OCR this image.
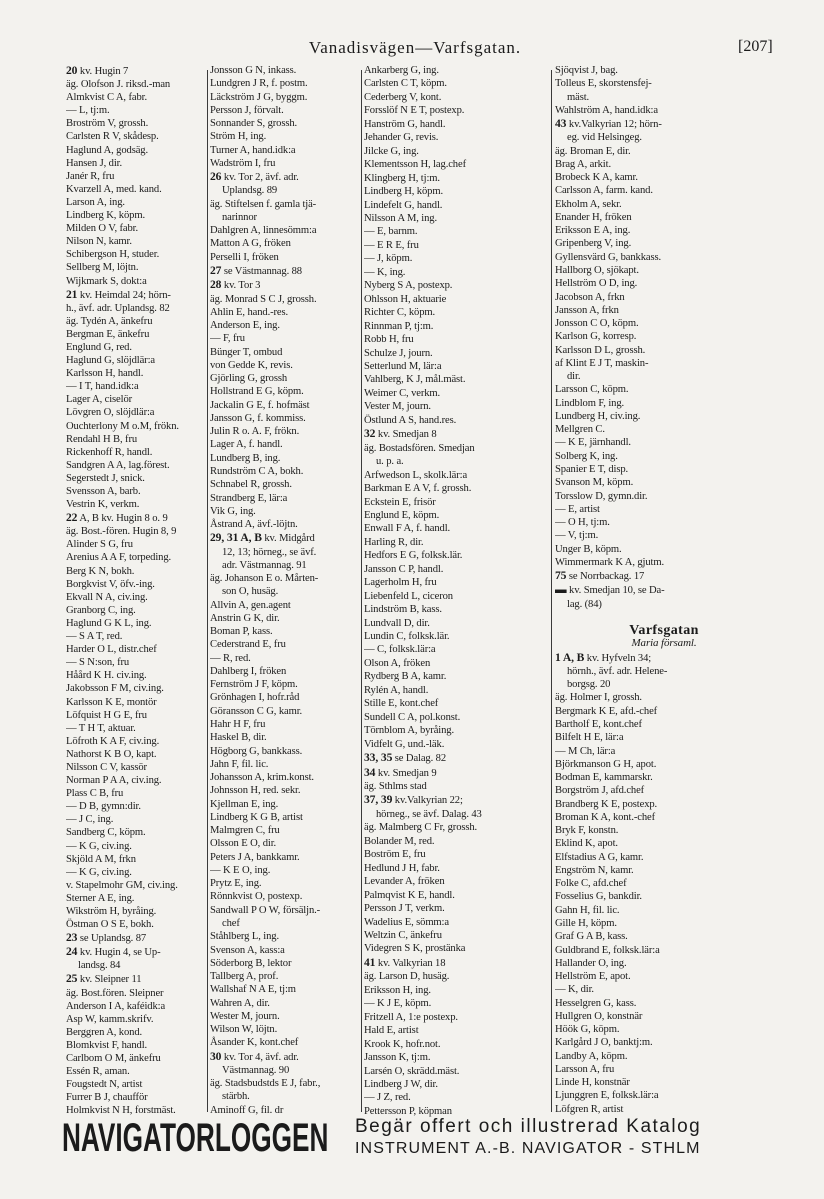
Vanadisvägen—Varfsgatan.	[207]
20 kv. Hugin 7
äg. Olofson J. riksd.-man
Almkvist C A, fabr.
— L, tj:m.
Broström V, grossh.
Carlsten R V, skådesp.
Haglund A, godsäg.
Hansen J, dir.
Janér R, fru
Kvarzell A, med. kand.
Larson A, ing.
Lindberg K, köpm.
Milden O V, fabr.
Nilson N, kamr.
Schibergson H, studer.
Sellberg M, löjtn.
Wijkmark S, dokt:a
21 kv. Heimdal 24; hörn-
h., ävf. adr. Uplandsg. 82
äg. Tydén A, änkefru
Bergman E, änkefru
Englund G, red.
Haglund G, slöjdlär:a
Karlsson H, handl.
— I T, hand.idk:a
Lager A, ciselör
Lövgren O, slöjdlär:a
Ouchterlony M o.M, frökn.
Rendahl H B, fru
Rickenhoff R, handl.
Sandgren A A, lag.förest.
Segerstedt J, snick.
Svensson A, barb.
Vestrin K, verkm.
22 A, B kv. Hugin 8 o. 9
äg. Bost.-fören. Hugin 8, 9
Alinder S G, fru
Arenius A A F, torpeding.
Berg K N, bokh.
Borgkvist V, öfv.-ing.
Ekvall N A, civ.ing.
Granborg C, ing.
Haglund G K L, ing.
— S A T, red.
Harder O L, distr.chef
— S N:son, fru
Håård K H. civ.ing.
Jakobsson F M, civ.ing.
Karlsson K E, montör
Löfquist H G E, fru
— T H T, aktuar.
Löfroth K A F, civ.ing.
Nathorst K B O, kapt.
Nilsson C V, kassör
Norman P A A, civ.ing.
Plass C B, fru
— D B, gymn:dir.
— J C, ing.
Sandberg C, köpm.
— K G, civ.ing.
Skjöld A M, frkn
— K G, civ.ing.
v. Stapelmohr GM, civ.ing.
Sterner A E, ing.
Wikström H, byråing.
Östman O S E, bokh.
23 se Uplandsg. 87
24 kv. Hugin 4, se Up-
landsg. 84
25 kv. Sleipner 11
äg. Bost.fören. Sleipner
Anderson I A, kaféidk:a
Asp W, kamm.skrifv.
Berggren A, kond.
Blomkvist F, handl.
Carlbom O M, änkefru
Essén R, aman.
Fougstedt N, artist
Furrer B J, chaufför
Holmkvist N H, forstmäst.
Jonsson G N, inkass.
Lundgren J R, f. postm.
Läckström J G, byggm.
Persson J, förvalt.
Sonnander S, grossh.
Ström H, ing.
Turner A, hand.idk:a
Wadström I, fru
26 kv. Tor 2, ävf. adr.
Uplandsg. 89
äg. Stiftelsen f. gamla tjä-
narinnor
Dahlgren A, linnesömm:a
Matton A G, fröken
Perselli I, fröken
27 se Västmannag. 88
28 kv. Tor 3
äg. Monrad S C J, grossh.
Ahlin E, hand.-res.
Anderson E, ing.
— F, fru
Bünger T, ombud
von Gedde K, revis.
Gjörling G, grossh
Hollstrand E G, köpm.
Jackalin G E, f. hofmäst
Jansson G, f. kommiss.
Julin R o. A. F, frökn.
Lager A, f. handl.
Lundberg B, ing.
Rundström C A, bokh.
Schnabel R, grossh.
Strandberg E, lär:a
Vik G, ing.
Åstrand A, ävf.-löjtn.
29, 31 A, B kv. Midgård
12, 13; hörneg., se ävf.
adr. Västmannag. 91
äg. Johanson E o. Mårten-
son O, husäg.
Allvin A, gen.agent
Anstrin G K, dir.
Boman P, kass.
Cederstrand E, fru
— R, red.
Dahlberg I, fröken
Fernström J F, köpm.
Grönhagen I, hofr.råd
Göransson C G, kamr.
Hahr H F, fru
Haskel B, dir.
Högborg G, bankkass.
Jahn F, fil. lic.
Johansson A, krim.konst.
Johnsson H, red. sekr.
Kjellman E, ing.
Lindberg K G B, artist
Malmgren C, fru
Olsson E O, dir.
Peters J A, bankkamr.
— K E O, ing.
Prytz E, ing.
Rönnkvist O, postexp.
Sandwall P O W, försäljn.-
chef
Ståhlberg L, ing.
Svenson A, kass:a
Söderborg B, lektor
Tallberg A, prof.
Wallshaf N A E, tj:m
Wahren A, dir.
Wester M, journ.
Wilson W, löjtn.
Åsander K, kont.chef
30 kv. Tor 4, ävf. adr.
Västmannag. 90
äg. Stadsbudstds E J, fabr.,
stärbh.
Aminoff G, fil. dr
Ankarberg G, ing.
Carlsten C T, köpm.
Cederberg V, kont.
Forsslöf N E T, postexp.
Hanström G, handl.
Jehander G, revis.
Jilcke G, ing.
Klementsson H, lag.chef
Klingberg H, tj:m.
Lindberg H, köpm.
Lindefelt G, handl.
Nilsson A M, ing.
— E, barnm.
— E R E, fru
— J, köpm.
— K, ing.
Nyberg S A, postexp.
Ohlsson H, aktuarie
Richter C, köpm.
Rinnman P, tj:m.
Robb H, fru
Schulze J, journ.
Setterlund M, lär:a
Vahlberg, K J, mål.mäst.
Weimer C, verkm.
Vester M, journ.
Östlund A S, hand.res.
32 kv. Smedjan 8
äg. Bostadsfören. Smedjan
u. p. a.
Arfwedson L, skolk.lär:a
Barkman E A V, f. grossh.
Eckstein E, frisör
Englund E, köpm.
Enwall F A, f. handl.
Harling R, dir.
Hedfors E G, folksk.lär.
Jansson C P, handl.
Lagerholm H, fru
Liebenfeld L, ciceron
Lindström B, kass.
Lundvall D, dir.
Lundin C, folksk.lär.
— C, folksk.lär:a
Olson A, fröken
Rydberg B A, kamr.
Rylén A, handl.
Stille E, kont.chef
Sundell C A, pol.konst.
Törnblom A, byråing.
Vidfelt G, und.-läk.
33, 35 se Dalag. 82
34 kv. Smedjan 9
äg. Sthlms stad
37, 39 kv.Valkyrian 22;
hörneg., se ävf. Dalag. 43
äg. Malmberg C Fr, grossh.
Bolander M, red.
Boström E, fru
Hedlund J H, fabr.
Levander A, fröken
Palmqvist K E, handl.
Persson J T, verkm.
Wadelius E, sömm:a
Weltzin C, änkefru
Videgren S K, prostänka
41 kv. Valkyrian 18
äg. Larson D, husäg.
Eriksson H, ing.
— K J E, köpm.
Fritzell A, 1:e postexp.
Hald E, artist
Krook K, hofr.not.
Jansson K, tj:m.
Larsén O, skrädd.mäst.
Lindberg J W, dir.
— J Z, red.
Pettersson P, köpman
Sjöqvist J, bag.
Tolleus E, skorstensfej-
mäst.
Wahlström A, hand.idk:a
43 kv.Valkyrian 12; hörn-
eg. vid Helsingeg.
äg. Broman E, dir.
Brag A, arkit.
Brobeck K A, kamr.
Carlsson A, farm. kand.
Ekholm A, sekr.
Enander H, fröken
Eriksson E A, ing.
Gripenberg V, ing.
Gyllensvärd G, bankkass.
Hallborg O, sjökapt.
Hellström O D, ing.
Jacobson A, frkn
Jansson A, frkn
Jonsson C O, köpm.
Karlson G, korresp.
Karlsson D L, grossh.
af Klint E J T, maskin-
dir.
Larsson C, köpm.
Lindblom F, ing.
Lundberg H, civ.ing.
Mellgren C.
— K E, järnhandl.
Solberg K, ing.
Spanier E T, disp.
Svanson M, köpm.
Torsslow D, gymn.dir.
— E, artist
— O H, tj:m.
— V, tj:m.
Unger B, köpm.
Wimmermark K A, gjutm.
75 se Norrbackag. 17
▬ kv. Smedjan 10, se Da-
lag. (84)

Varfsgatan
Maria församl.
1 A, B kv. Hyfveln 34;
hörnh., ävf. adr. Helene-
borgsg. 20
äg. Holmer I, grossh.
Bergmark K E, afd.-chef
Bartholf E, kont.chef
Bilfelt H E, lär:a
— M Ch, lär:a
Björkmanson G H, apot.
Bodman E, kammarskr.
Borgström J, afd.chef
Brandberg K E, postexp.
Broman K A, kont.-chef
Bryk F, konstn.
Eklind K, apot.
Elfstadius A G, kamr.
Engström N, kamr.
Folke C, afd.chef
Fosselius G, bankdir.
Gahn H, fil. lic.
Gille H, köpm.
Graf G A B, kass.
Guldbrand E, folksk.lär:a
Hallander O, ing.
Hellström E, apot.
— K, dir.
Hesselgren G, kass.
Hullgren O, konstnär
Höök G, köpm.
Karlgård J O, banktj:m.
Landby A, köpm.
Larsson A, fru
Linde H, konstnär
Ljunggren E, folksk.lär:a
Löfgren R, artist
NAVIGATORLOGGEN	Begär offert och illustrerad Katalog
INSTRUMENT A.-B. NAVIGATOR - STHLM
